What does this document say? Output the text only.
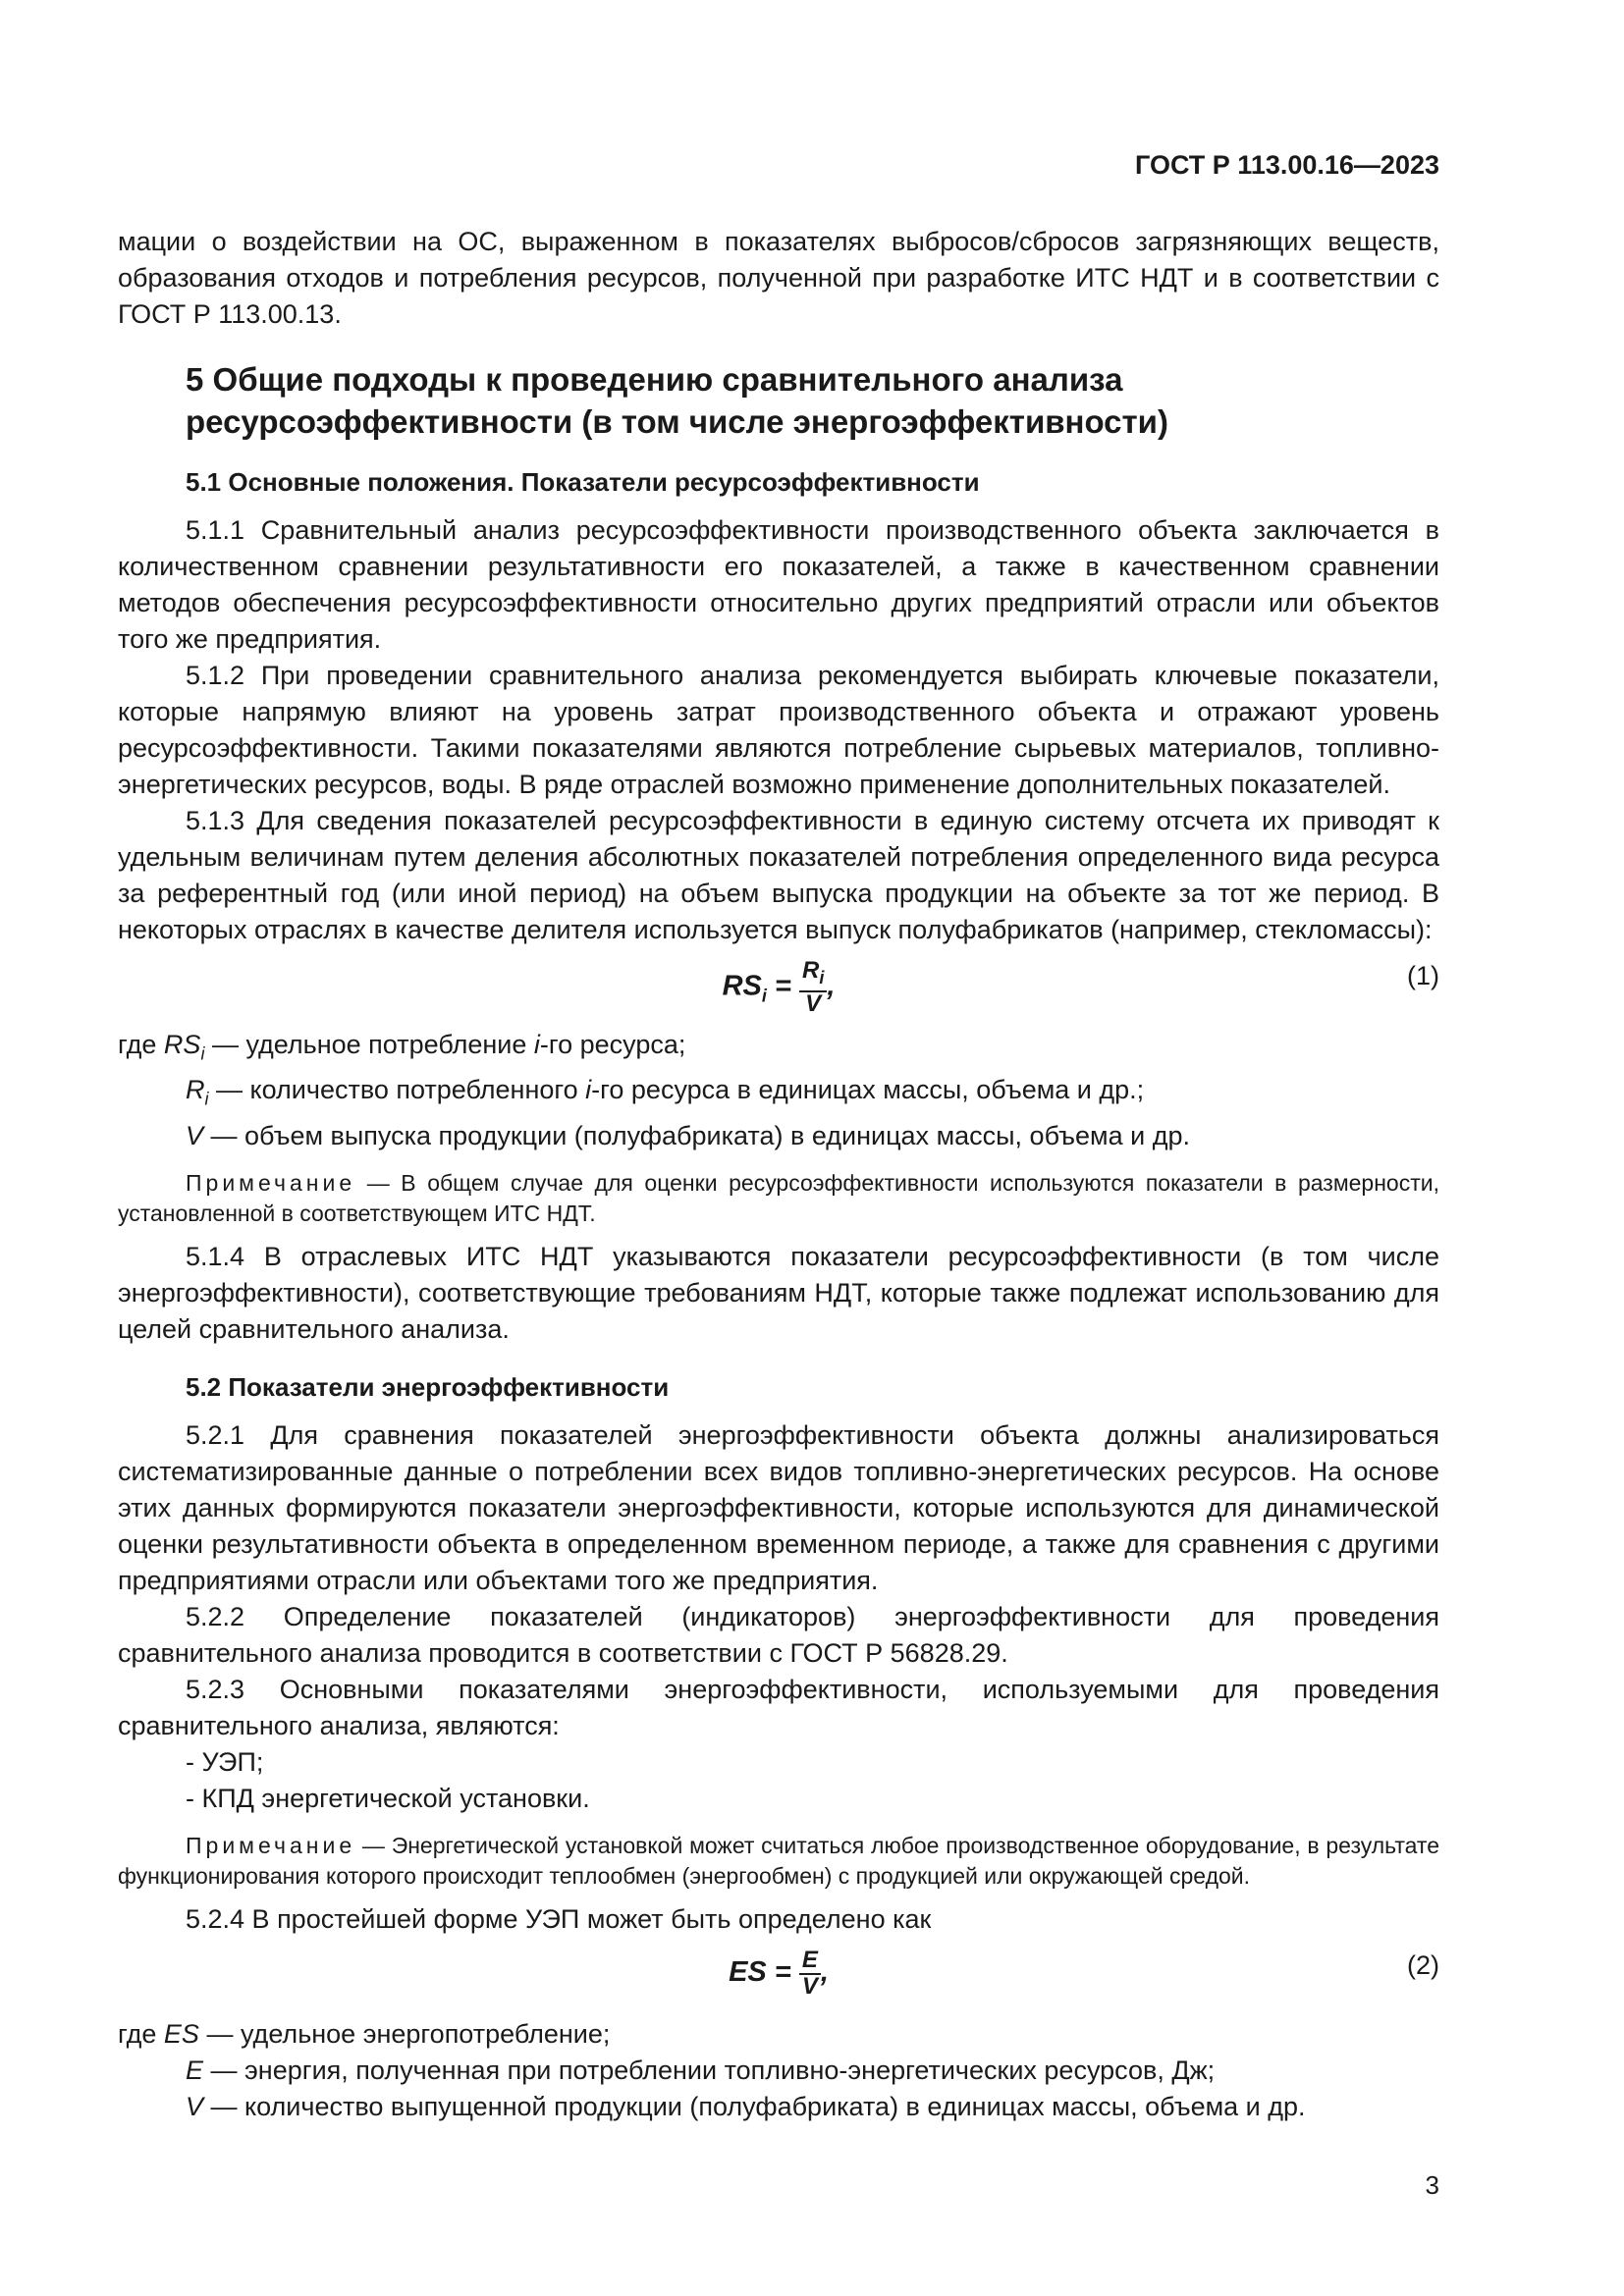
ГОСТ Р 113.00.16—2023

мации о воздействии на ОС, выраженном в показателях выбросов/сбросов загрязняющих веществ, образования отходов и потребления ресурсов, полученной при разработке ИТС НДТ и в соответствии с ГОСТ Р 113.00.13.

5 Общие подходы к проведению сравнительного анализа ресурсоэффективности (в том числе энергоэффективности)
5.1 Основные положения. Показатели ресурсоэффективности

5.1.1 Сравнительный анализ ресурсоэффективности производственного объекта заключается в количественном сравнении результативности его показателей, а также в качественном сравнении методов обеспечения ресурсоэффективности относительно других предприятий отрасли или объектов того же предприятия.

5.1.2 При проведении сравнительного анализа рекомендуется выбирать ключевые показатели, которые напрямую влияют на уровень затрат производственного объекта и отражают уровень ресурсоэффективности. Такими показателями являются потребление сырьевых материалов, топливно-энергетических ресурсов, воды. В ряде отраслей возможно применение дополнительных показателей.

5.1.3 Для сведения показателей ресурсоэффективности в единую систему отсчета их приводят к удельным величинам путем деления абсолютных показателей потребления определенного вида ресурса за референтный год (или иной период) на объем выпуска продукции на объекте за тот же период. В некоторых отраслях в качестве делителя используется выпуск полуфабрикатов (например, стекломассы):

$RS_i = \frac{R_i}{V}$ ,	(1)
где $RS_i$ — удельное потребление i-го ресурса;
$R_i$ — количество потребленного i-го ресурса в единицах массы, объема и др.;
V — объем выпуска продукции (полуфабриката) в единицах массы, объема и др.

Примечание — В общем случае для оценки ресурсоэффективности используются показатели в размерности, установленной в соответствующем ИТС НДТ.

5.1.4 В отраслевых ИТС НДТ указываются показатели ресурсоэффективности (в том числе энергоэффективности), соответствующие требованиям НДТ, которые также подлежат использованию для целей сравнительного анализа.

5.2 Показатели энергоэффективности

5.2.1 Для сравнения показателей энергоэффективности объекта должны анализироваться систематизированные данные о потреблении всех видов топливно-энергетических ресурсов. На основе этих данных формируются показатели энергоэффективности, которые используются для динамической оценки результативности объекта в определенном временном периоде, а также для сравнения с другими предприятиями отрасли или объектами того же предприятия.

5.2.2 Определение показателей (индикаторов) энергоэффективности для проведения сравнительного анализа проводится в соответствии с ГОСТ Р 56828.29.

5.2.3 Основными показателями энергоэффективности, используемыми для проведения сравнительного анализа, являются:

- УЭП;
- КПД энергетической установки.

Примечание — Энергетической установкой может считаться любое производственное оборудование, в результате функционирования которого происходит теплообмен (энергообмен) с продукцией или окружающей средой.

5.2.4 В простейшей форме УЭП может быть определено как

ES = $\frac{E}{V}$ ,	(2)
где ES — удельное энергопотребление;
E — энергия, полученная при потреблении топливно-энергетических ресурсов, Дж;
V — количество выпущенной продукции (полуфабриката) в единицах массы, объема и др.
3
